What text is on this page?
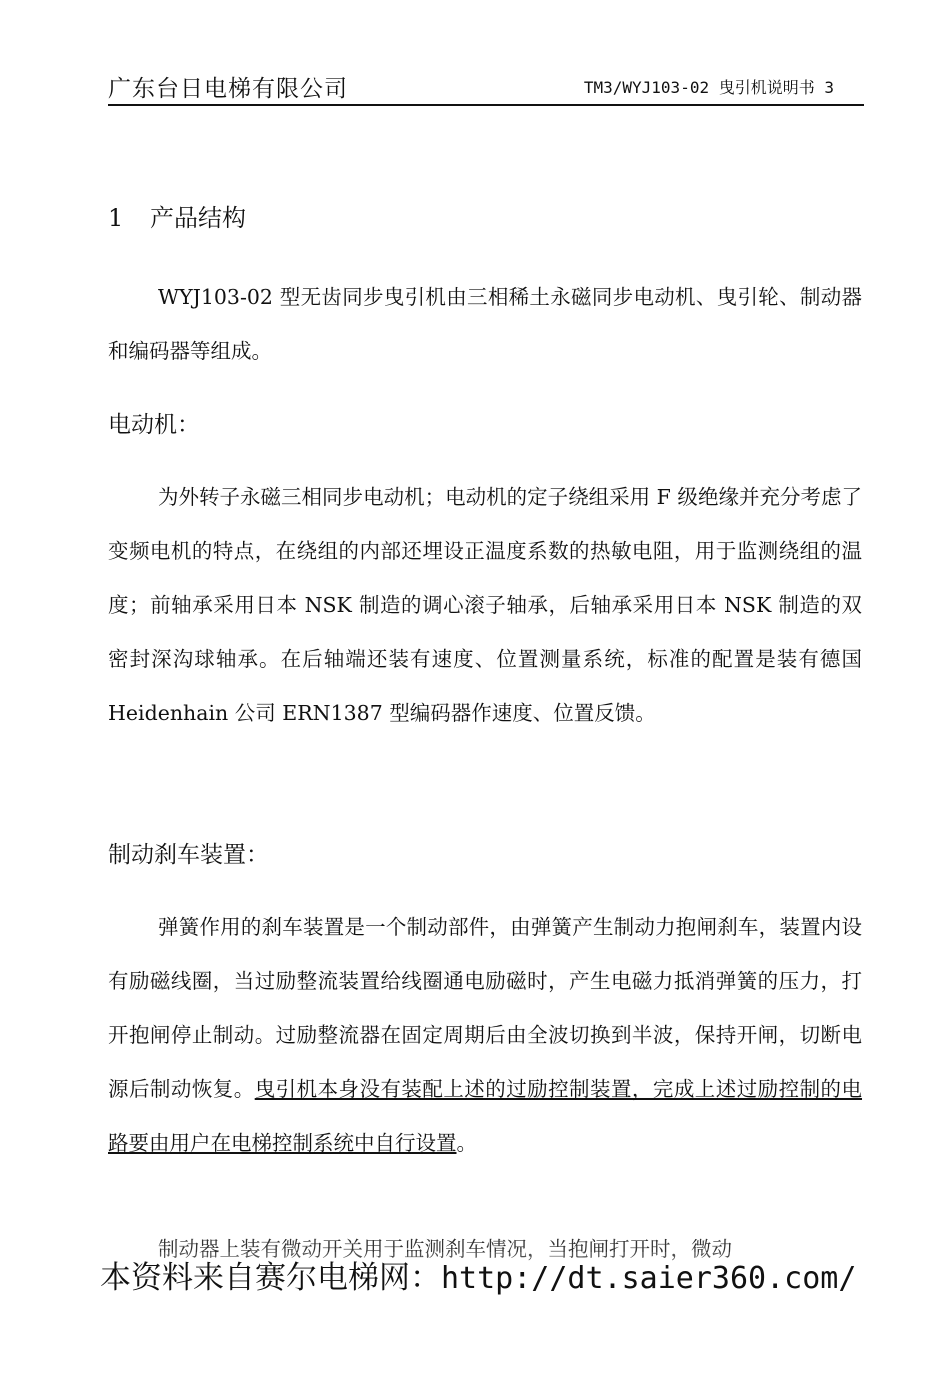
广东台日电梯有限公司	TM3/WYJ103-02 曳引机说明书 3
1 产品结构

WYJ103-02 型无齿同步曳引机由三相稀土永磁同步电动机、曳引轮、制动器和编码器等组成。

电动机：

为外转子永磁三相同步电动机；电动机的定子绕组采用 F 级绝缘并充分考虑了变频电机的特点，在绕组的内部还埋设正温度系数的热敏电阻，用于监测绕组的温度；前轴承采用日本 NSK 制造的调心滚子轴承，后轴承采用日本 NSK 制造的双密封深沟球轴承。在后轴端还装有速度、位置测量系统，标准的配置是装有德国 Heidenhain 公司 ERN1387 型编码器作速度、位置反馈。

制动刹车装置：

弹簧作用的刹车装置是一个制动部件，由弹簧产生制动力抱闸刹车，装置内设有励磁线圈，当过励整流装置给线圈通电励磁时，产生电磁力抵消弹簧的压力，打开抱闸停止制动。过励整流器在固定周期后由全波切换到半波，保持开闸，切断电源后制动恢复。曳引机本身没有装配上述的过励控制装置，完成上述过励控制的电路要由用户在电梯控制系统中自行设置。

制动器上装有微动开关用于监测刹车情况，当抱闸打开时，微动
本资料来自赛尔电梯网：http://dt.saier360.com/
